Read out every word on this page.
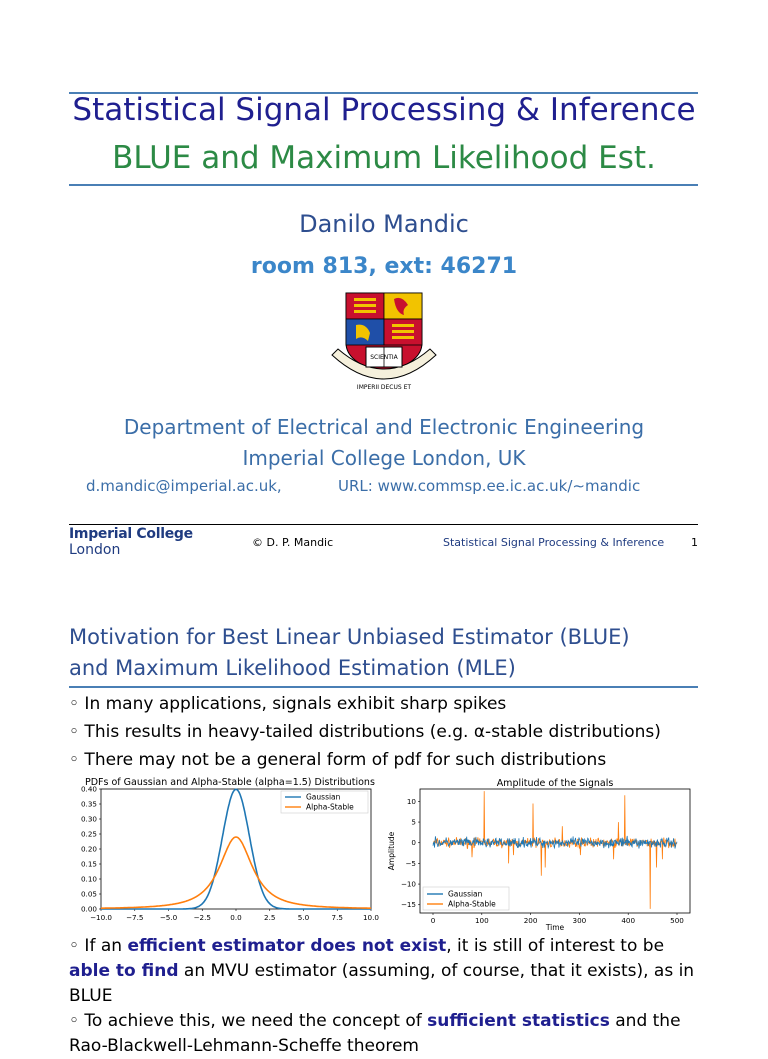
Statistical Signal Processing & Inference
BLUE and Maximum Likelihood Est.
Danilo Mandic
room 813, ext: 46271
SCIENTIA
IMPERII DECUS ET
Department of Electrical and Electronic Engineering
Imperial College London, UK
d.mandic@imperial.ac.uk,	URL: www.commsp.ee.ic.ac.uk/∼mandic
Imperial College
London	© D. P. Mandic	Statistical Signal Processing & Inference 1
Motivation for Best Linear Unbiased Estimator (BLUE)
and Maximum Likelihood Estimation (MLE)
◦ In many applications, signals exhibit sharp spikes
◦ This results in heavy-tailed distributions (e.g. α-stable distributions)
◦ There may not be a general form of pdf for such distributions
PDFs of Gaussian and Alpha-Stable (alpha=1.5) Distributions
0.00
0.05
0.10
0.15
0.20
0.25
0.30
0.35
0.40
−10.0 −7.5 −5.0 −2.5	0.0	2.5	5.0	7.5	10.0
Gaussian
Alpha-Stable
Amplitude of the Signals
Amplitude
Time
−15
−10
−5
0
5
10
0	100	200	300	400	500
Gaussian
Alpha-Stable
◦ If an efficient estimator does not exist, it is still of interest to be able to find an MVU estimator (assuming, of course, that it exists), as in BLUE
◦ To achieve this, we need the concept of sufficient statistics and the
Rao-Blackwell-Lehmann-Scheffe theorem
